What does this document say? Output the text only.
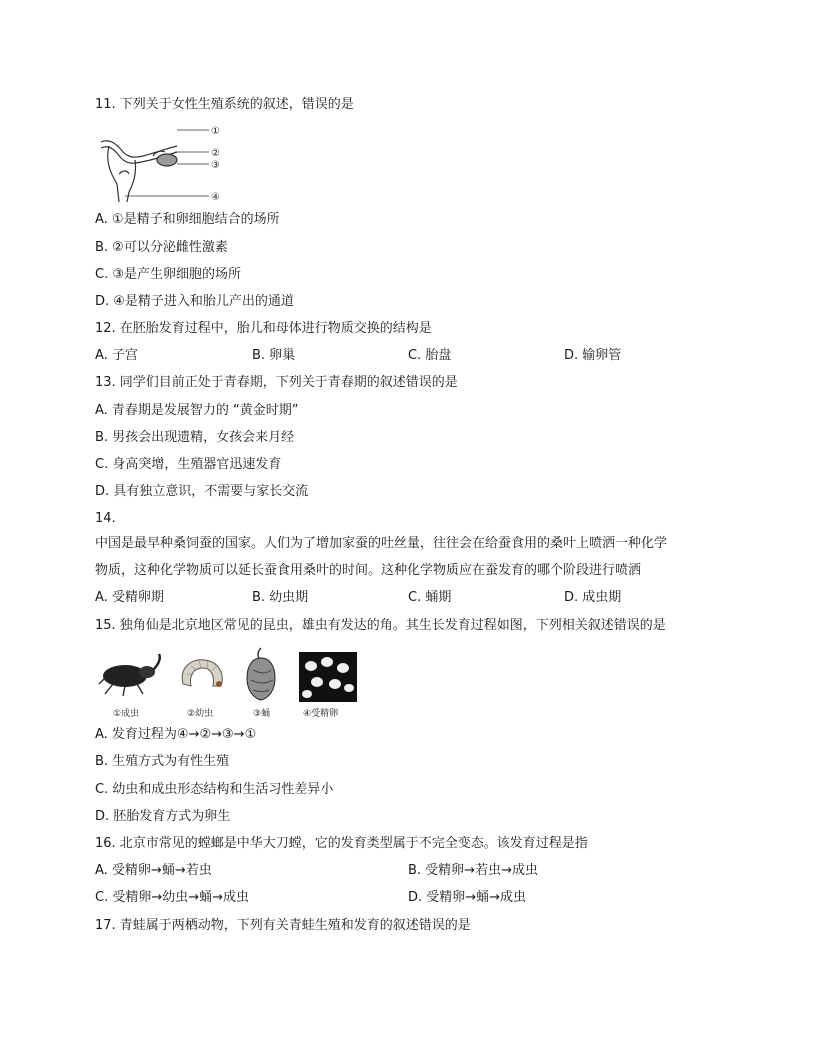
11. 下列关于女性生殖系统的叙述，错误的是
①
②
③
④
A. ①是精子和卵细胞结合的场所
B. ②可以分泌雌性激素
C. ③是产生卵细胞的场所
D. ④是精子进入和胎儿产出的通道
12. 在胚胎发育过程中，胎儿和母体进行物质交换的结构是
A. 子宫	B. 卵巢	C. 胎盘	D. 输卵管
13. 同学们目前正处于青春期，下列关于青春期的叙述错误的是
A. 青春期是发展智力的 “黄金时期”
B. 男孩会出现遗精，女孩会来月经
C. 身高突增，生殖器官迅速发育
D. 具有独立意识，不需要与家长交流
14.
中国是最早种桑饲蚕的国家。人们为了增加家蚕的吐丝量，往往会在给蚕食用的桑叶上喷洒一种化学
物质，这种化学物质可以延长蚕食用桑叶的时间。这种化学物质应在蚕发育的哪个阶段进行喷洒
A. 受精卵期	B. 幼虫期	C. 蛹期	D. 成虫期
15. 独角仙是北京地区常见的昆虫，雄虫有发达的角。其生长发育过程如图，下列相关叙述错误的是
①成虫	②幼虫	③蛹	④受精卵
A. 发育过程为④→②→③→①
B. 生殖方式为有性生殖
C. 幼虫和成虫形态结构和生活习性差异小
D. 胚胎发育方式为卵生
16. 北京市常见的螳螂是中华大刀螳，它的发育类型属于不完全变态。该发育过程是指
A. 受精卵→蛹→若虫	B. 受精卵→若虫→成虫
C. 受精卵→幼虫→蛹→成虫	D. 受精卵→蛹→成虫
17. 青蛙属于两栖动物，下列有关青蛙生殖和发育的叙述错误的是
